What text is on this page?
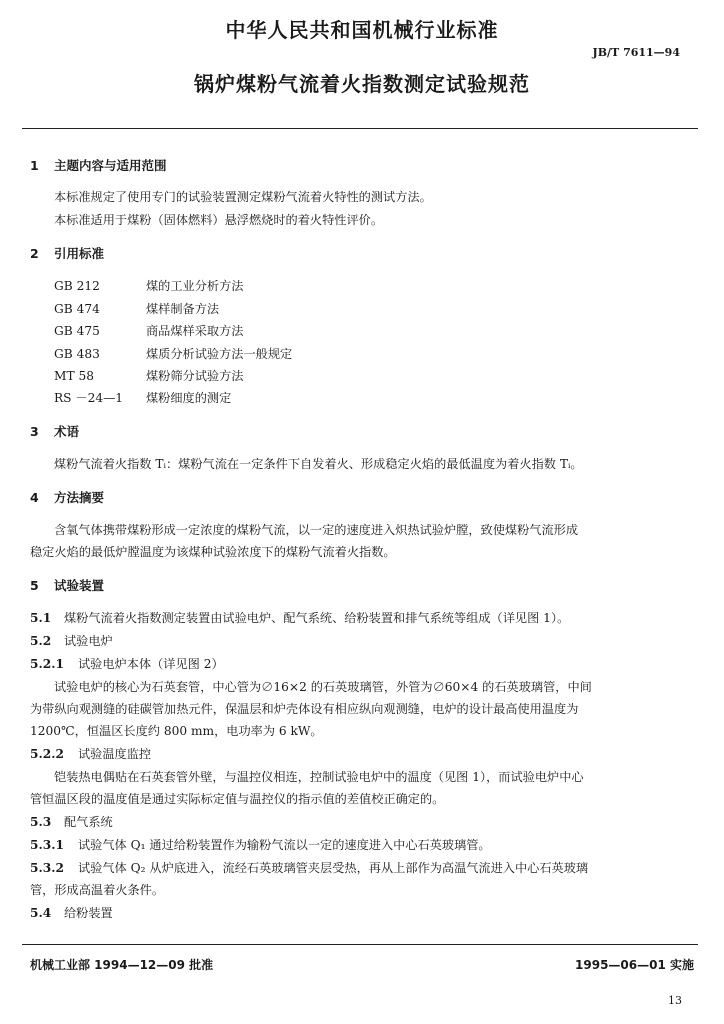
中华人民共和国机械行业标准
JB/T 7611—94
锅炉煤粉气流着火指数测定试验规范
1 主题内容与适用范围
本标准规定了使用专门的试验装置测定煤粉气流着火特性的测试方法。
本标准适用于煤粉（固体燃料）悬浮燃烧时的着火特性评价。
2 引用标准
GB 212	煤的工业分析方法
GB 474	煤样制备方法
GB 475	商品煤样采取方法
GB 483	煤质分析试验方法一般规定
MT 58	煤粉筛分试验方法
RS －24—1 煤粉细度的测定
3 术语
煤粉气流着火指数 Tᵢ：煤粉气流在一定条件下自发着火、形成稳定火焰的最低温度为着火指数 Tᵢ。
4 方法摘要
含氧气体携带煤粉形成一定浓度的煤粉气流，以一定的速度进入炽热试验炉膛，致使煤粉气流形成
稳定火焰的最低炉膛温度为该煤种试验浓度下的煤粉气流着火指数。
5 试验装置
5.1 煤粉气流着火指数测定装置由试验电炉、配气系统、给粉装置和排气系统等组成（详见图 1）。
5.2 试验电炉
5.2.1 试验电炉本体（详见图 2）
试验电炉的核心为石英套管，中心管为∅16×2 的石英玻璃管，外管为∅60×4 的石英玻璃管，中间
为带纵向观测缝的硅碳管加热元件，保温层和炉壳体设有相应纵向观测缝，电炉的设计最高使用温度为
1200℃，恒温区长度约 800 mm，电功率为 6 kW。
5.2.2 试验温度监控
铠装热电偶贴在石英套管外壁，与温控仪相连，控制试验电炉中的温度（见图 1），而试验电炉中心
管恒温区段的温度值是通过实际标定值与温控仪的指示值的差值校正确定的。
5.3 配气系统
5.3.1 试验气体 Q₁ 通过给粉装置作为输粉气流以一定的速度进入中心石英玻璃管。
5.3.2 试验气体 Q₂ 从炉底进入，流经石英玻璃管夹层受热，再从上部作为高温气流进入中心石英玻璃
管，形成高温着火条件。
5.4 给粉装置
机械工业部 1994—12—09 批准	1995—06—01 实施
13
